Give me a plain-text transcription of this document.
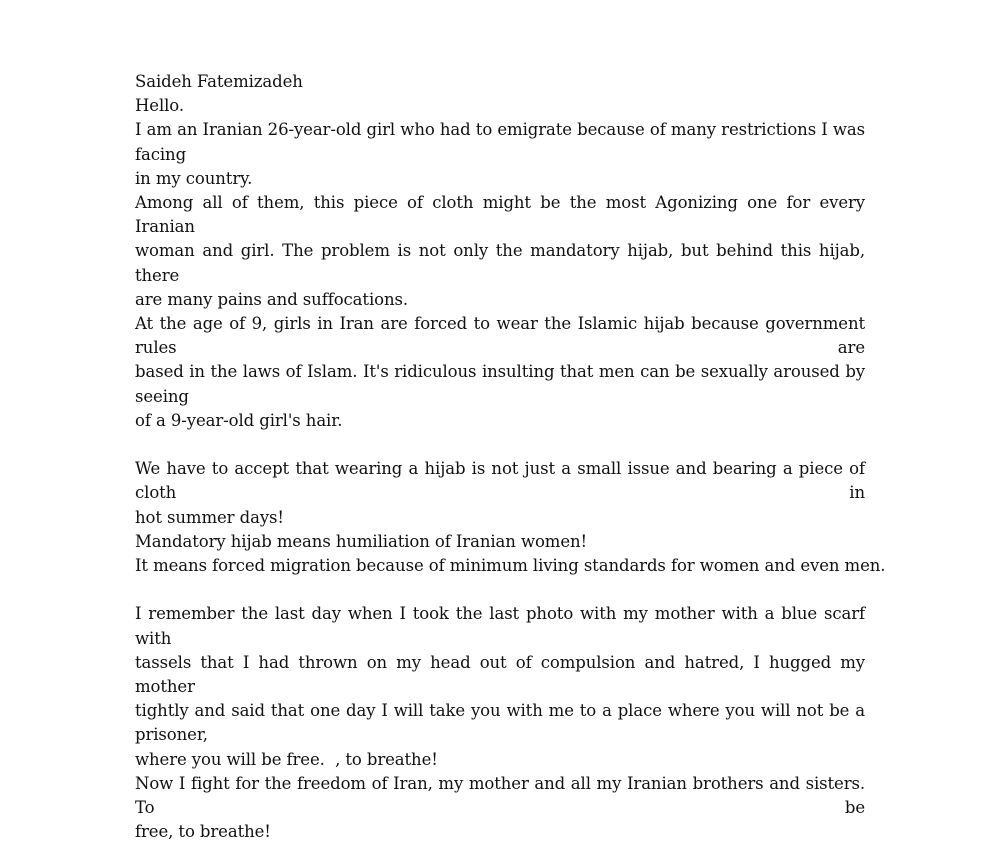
Saideh Fatemizadeh
Hello.
I am an Iranian 26-year-old girl who had to emigrate because of many restrictions I was facing
in my country.
Among all of them, this piece of cloth might be the most Agonizing one for every Iranian
woman and girl. The problem is not only the mandatory hijab, but behind this hijab, there
are many pains and suffocations.
At the age of 9, girls in Iran are forced to wear the Islamic hijab because government rules are
based in the laws of Islam. It's ridiculous insulting that men can be sexually aroused by seeing
of a 9-year-old girl's hair.
We have to accept that wearing a hijab is not just a small issue and bearing a piece of cloth in
hot summer days!
Mandatory hijab means humiliation of Iranian women!
It means forced migration because of minimum living standards for women and even men.
I remember the last day when I took the last photo with my mother with a blue scarf with
tassels that I had thrown on my head out of compulsion and hatred, I hugged my mother
tightly and said that one day I will take you with me to a place where you will not be a prisoner,
where you will be free.  , to breathe!
Now I fight for the freedom of Iran, my mother and all my Iranian brothers and sisters. To be
free, to breathe!
